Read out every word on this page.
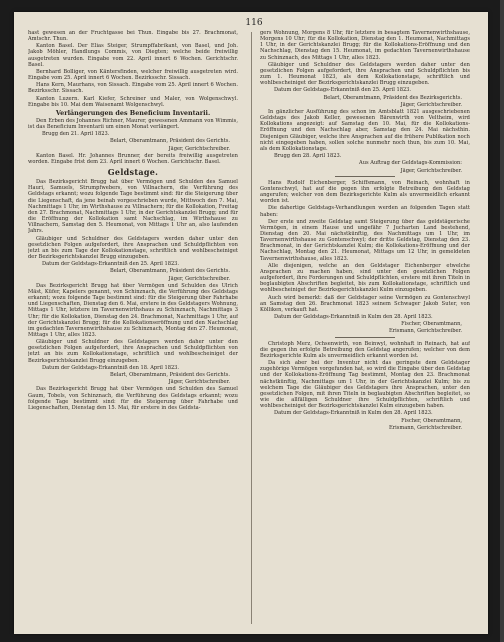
116

hast gewesen an der Fruchtgasse bei Thun. Eingabe bis 27. Brachmonat, Amtschr. Thun.

Kanton Basel. Der Elias Steiger, Strumpffabrikant, von Basel, und Joh. Jakob Möhler, Handlungs Commis, von Diegten; welche beide freiwillig ausgetreten wurden. Eingabe vom 22. April innert 6 Wochen. Gerichtschr. Basel.

Bernhard Bolliger, von Käntersfinden, welcher freiwillig ausgetreten wird. Eingabe vom 25. April innert 6 Wochen. Bezirksschr. Sissach.

Hans Kern, Maurhans, von Sissach. Eingabe vom 25. April innert 6 Wochen. Bezirksschr. Sissach.

Kanton Luzern. Karl Kiefer, Schreiner und Maler, von Wolgenschwyl. Eingabe bis 10. Mai dem Waisenamt Wolgenschwyl.

Verlängerungen des Beneficium Inventarii.

Den Erben des Johannes Richner, Maurer, gewesenen Ammann von Wimmis, ist das Beneficium Inventarii um einen Monat verlängert.

Brugg den 21. April 1823.

Belart, Oberamtmann, Präsident des Gerichts.

Jäger, Gerichtschreiber.

Kanton Basel. Hr. Johannes Brunner, der bereits freiwillig ausgetreten worden. Eingabe frist dem 23. April innert 6 Wochen. Gerichtschr. Basel.

Geldstage.

Das Bezirksgericht Brugg hat über Vermögen und Schulden des Samuel Hauri, Samuels, Strumpfwebers, von Villnachern, die Verführung des Geldstags erkannt; wozu folgende Tage bestimmt sind: für die Steigerung über die Liegenschaft, da jene beinah vorgeschrieben wurde, Mittwoch den 7. Mai, Nachmittags 1 Uhr, im Wirthshause zu Villnachern; für die Kollokation, Freitag den 27. Brachmonat, Nachmittags 1 Uhr, in der Gerichtskanzlei Brugg; und für die Eröffnung der Kollokation samt Nachschlag, im Wirthshause zu Villnachern, Samstag den 5. Heumonat, von Mittags 1 Uhr an, also laufenden Jahrs.

Gläubiger und Schuldner des Geldstagers werden daher unter den gesetzlichen Folgen aufgefordert, ihre Ansprachen und Schuldpflichten von jetzt an bis zum Tage der Kollokationstage, schriftlich und wohlbescheiniget der Bezirksgerichtskanzlei Brugg einzugeben.

Datum der Geldstags-Erkanntniß den 25. April 1823.

Belart, Oberamtmann, Präsident des Gerichts.

Jäger, Gerichtschreiber.

Das Bezirksgericht Brugg hat über Vermögen und Schulden des Ulrich Mäst, Küfer, Kapelers genannt, von Schinznach, die Verführung des Geldstags erkannt; wozu folgende Tage bestimmt sind: für die Steigerung über Fahrhabe und Liegenschaften, Dienstag den 6. Mai, erstere in des Geldstagers Wohnung, Mittags 1 Uhr, letztere im Tavernenwirthshaus zu Schinznach, Nachmittags 3 Uhr; für die Kollokation, Dienstag den 24. Brachmonat, Nachmittags 1 Uhr, auf der Gerichtskanzlei Brugg; für die Kollokationseröffnung und den Nachschlag im gedachten Tavernenwirthshause zu Schinznach, Montag den 27. Heumonat, Mittags 1 Uhr, alles 1823.

Gläubiger und Schuldner des Geldstagers werden daher unter den gesetzlichen Folgen aufgefordert, ihre Ansprachen und Schuldpflichten von jetzt an bis zum Kollokationstage, schriftlich und wohlbescheiniget der Bezirksgerichtskanzlei Brugg einzugeben.

Datum der Geldstags-Erkanntniß den 18. April 1823.

Belart, Oberamtmann, Präsident des Gerichts.

Jäger, Gerichtschreiber.

Das Bezirksgericht Brugg hat über Vermögen und Schulden des Samuel Gaum, Tobels, von Schinznach, die Verführung des Geldstags erkannt; wozu folgende Tage bestimmt sind: für die Steigerung über Fahrhabe und Liegenschaften, Dienstag den 15. Mai, für erstere in des Geldsta-

gers Wohnung, Morgens 8 Uhr, für letztere in besagtem Tavernenwirthshause, Morgens 10 Uhr; für die Kollokation, Dienstag den 1. Heumonat, Nachmittags 1 Uhr, in der Gerichtskanzlei Brugg; für die Kollokations-Eröffnung und den Nachschlag, Dienstag den 15. Heumonat, im gedachten Tavernenwirthshause zu Schinznach, des Mittags 1 Uhr, alles 1823.

Gläubiger und Schuldner des Geldstagers werden daher unter den gesetzlichen Folgen aufgefordert, ihre Ansprachen und Schuldpflichten bis zum 1. Heumonat 1823, als dem Kollokationstage, schriftlich und wohlbescheiniget der Bezirksgerichtskanzlei Brugg einzugeben.

Datum der Geldstags-Erkanntniß den 25. April 1823.

Belart, Oberamtmann, Präsident des Bezirksgerichts.

Jäger, Gerichtschreiber.

In gänzlicher Ausführung des schon im Amtsblatt 1821 ausgeschriebenen Geldstags des Jakob Keller, gewesenen Bärenwirth von Veltheim, wird Kollokations angezeigt: auf Samstag den 10. Mai, für die Kollokations-Eröffnung und den Nachschlag aber, Samstag den 24. Mai nächsthin. Diejenigen Gläubiger, welche ihre Ansprachen auf die frühere Publikation noch nicht eingegeben haben, sollen solche nunmehr noch thun, bis zum 10. Mai, als dem Kollokationstage.

Brugg den 28. April 1823.

Aus Auftrag der Geldstags-Kommission:

Jäger, Gerichtschreiber.

Hans Rudolf Eichenberger, Schiffsmann, von Reinach, wohnhaft in Gontenschwyl, hat auf die gegen ihn erfolgte Betreibung den Geldstag angerufen; welcher von dem Bezirksgerichte Kulm als unvermeidlich erkannt worden ist.

Die dahertige Geldstags-Verhandlungen werden an folgenden Tagen statt haben:

Der erste und zweite Geldstag samt Steigerung über das geldstägerische Vermögen, in einem Hause und ungefähr 7 Jucharten Land bestehend, Dienstag den 20. Mai nächstkünftig, des Nachmittags um 1 Uhr, im Tavernenwirthshause zu Gontenschwyl; der dritte Geldstag, Dienstag den 23. Brachmonat, in der Gerichtskanzlei Kulm; die Kollokations-Eröffnung und der Nachschlag, Montag den 21. Heumonat, Mittags um 12 Uhr, in gemeldeten Tavernenwirthshause, alles 1823.

Alle diejenigen, welche an den Geldstager Eichenberger etwelche Ansprachen zu machen haben, sind unter den gesetzlichen Folgen aufgefordert, ihre Forderungen und Schuldpflichten, erstere mit ihren Titeln in beglaubigten Abschriften begleitet, bis zum Kollokationstage, schriftlich und wohlbescheiniget der Bezirksgerichtskanzlei Kulm einzugeben.

Auch wird bemerkt: daß der Geldstager seine Vermögen zu Gontenschwyl an Samstag den 26. Brachmonat 1823 seinem Schwager Jakob Suter, von Kölliken, verkauft hat.

Datum der Geldstags-Erkanntniß in Kulm den 28. April 1823.

Fischer, Oberamtmann,

Erismann, Gerichtschreiber.

Christoph Merz, Ochsenwirth, von Beinwyl, wohnhaft in Reinach, hat auf die gegen ihn erfolgte Betreibung den Geldstag angerufen; welcher von dem Bezirksgerichte Kulm als unvermeidlich erkannt worden ist.

Da sich aber bei der Inventur nicht das geringste dem Geldstager zugehörige Vermögen vorgefunden hat, so wird die Eingabe über den Geldstag und der Kollokations-Eröffnung Tag bestimmt, Montag den 23. Brachmonat nächstkünftig, Nachmittags um 1 Uhr, in der Gerichtskanzlei Kulm; bis zu welchem Tage die Gläubiger des Geldstagers ihre Ansprachen, unter den gesetzlichen Folgen, mit ihren Titeln in beglaubigten Abschriften begleitet, so wie die allfälligen Schuldner ihre Schuldpflichten, schriftlich und wohlbescheiniget der Bezirksgerichtskanzlei Kulm einzugeben haben.

Datum der Geldstags-Erkanntniß in Kulm den 28. April 1823.

Fischer, Oberamtmann,

Erismann, Gerichtschreiber.
